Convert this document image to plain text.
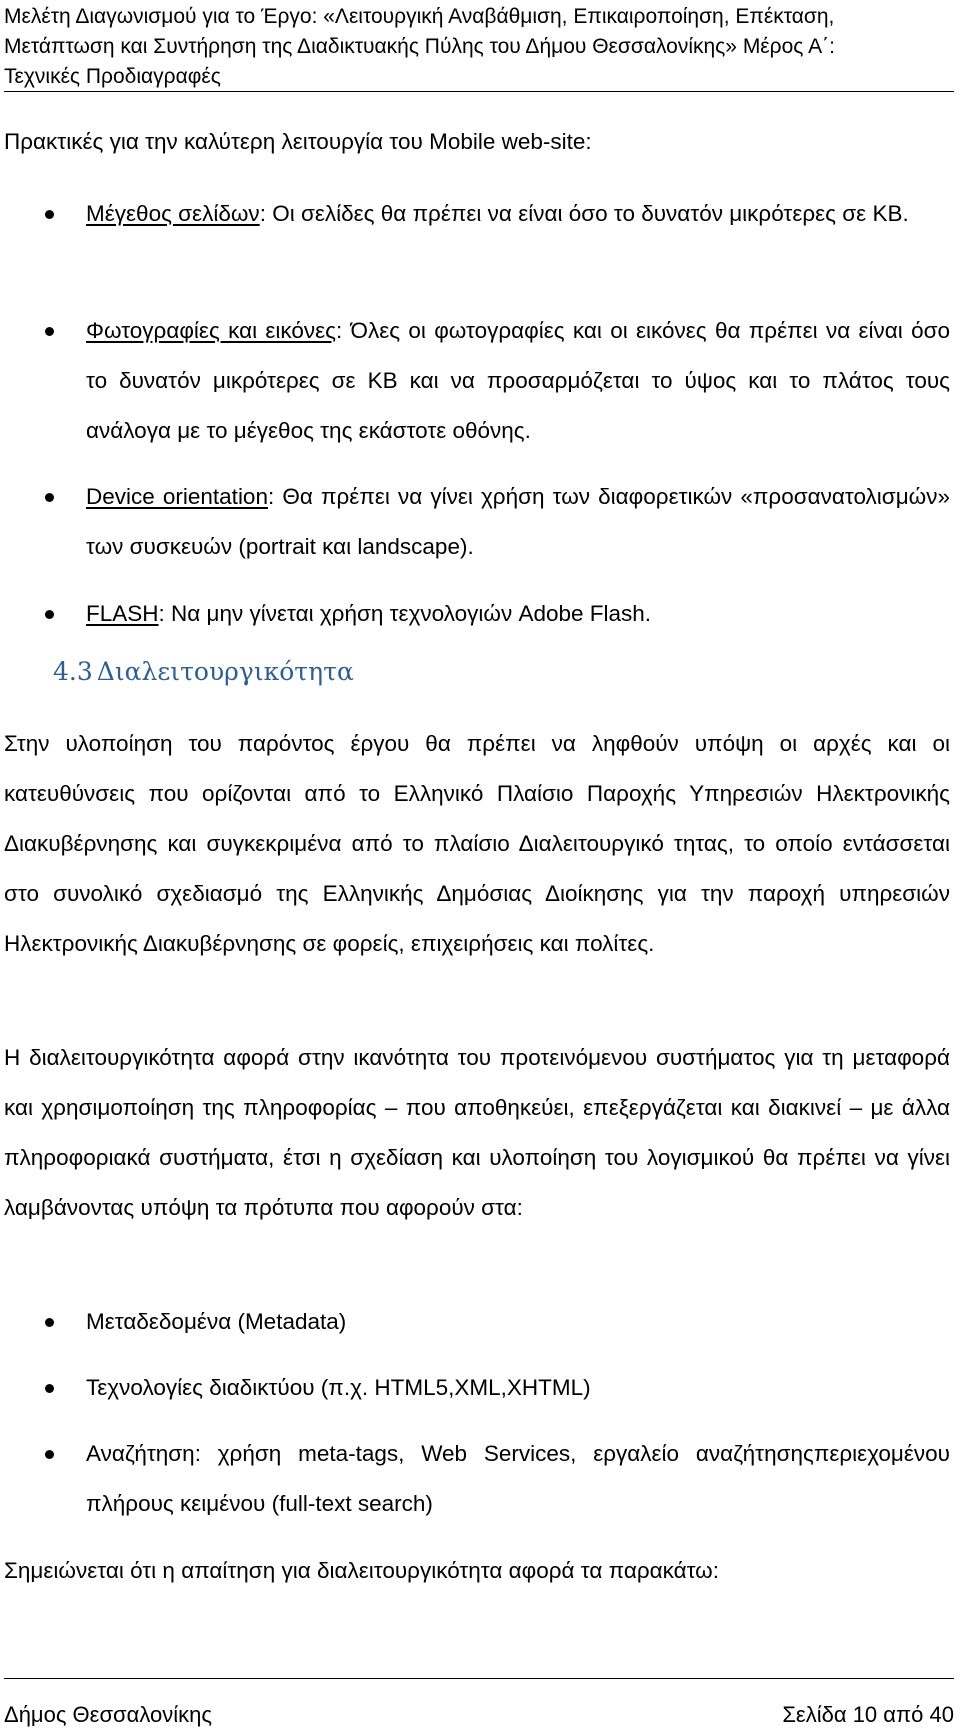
Μελέτη Διαγωνισμού για το Έργο: «Λειτουργική Αναβάθμιση, Επικαιροποίηση, Επέκταση,
Μετάπτωση και Συντήρηση της Διαδικτυακής Πύλης του Δήμου Θεσσαλονίκης» Μέρος Α΄:
Τεχνικές Προδιαγραφές
Πρακτικές για την καλύτερη λειτουργία του Mobile web-site:
Μέγεθος σελίδων: Οι σελίδες θα πρέπει να είναι όσο το δυνατόν μικρότερες σε KB.
Φωτογραφίες και εικόνες: Όλες οι φωτογραφίες και οι εικόνες θα πρέπει να είναι όσο το δυνατόν μικρότερες σε KB και να προσαρμόζεται το ύψος και το πλάτος τους ανάλογα με το μέγεθος της εκάστοτε οθόνης.
Device orientation: Θα πρέπει να γίνει χρήση των διαφορετικών «προσανατολισμών» των συσκευών (portrait και landscape).
FLASH: Να μην γίνεται χρήση τεχνολογιών Adobe Flash.
4.3 Διαλειτουργικότητα
Στην υλοποίηση του παρόντος έργου θα πρέπει να ληφθούν υπόψη οι αρχές και οι κατευθύνσεις που ορίζονται από το Ελληνικό Πλαίσιο Παροχής Υπηρεσιών Ηλεκτρονικής Διακυβέρνησης και συγκεκριμένα από το πλαίσιο Διαλειτουργικό τητας, το οποίο εντάσσεται στο συνολικό σχεδιασμό της Ελληνικής Δημόσιας Διοίκησης για την παροχή υπηρεσιών Ηλεκτρονικής Διακυβέρνησης σε φορείς, επιχειρήσεις και πολίτες.
Η διαλειτουργικότητα αφορά στην ικανότητα του προτεινόμενου συστήματος για τη μεταφορά και χρησιμοποίηση της πληροφορίας – που αποθηκεύει, επεξεργάζεται και διακινεί – με άλλα πληροφοριακά συστήματα, έτσι η σχεδίαση και υλοποίηση του λογισμικού θα πρέπει να γίνει λαμβάνοντας υπόψη τα πρότυπα που αφορούν στα:
Μεταδεδομένα (Metadata)
Τεχνολογίες διαδικτύου (π.χ. HTML5,XML,XHTML)
Αναζήτηση: χρήση meta-tags, Web Services, εργαλείο αναζήτησηςπεριεχομένου πλήρους κειμένου (full-text search)
Σημειώνεται ότι η απαίτηση για διαλειτουργικότητα αφορά τα παρακάτω:
Δήμος Θεσσαλονίκης	Σελίδα 10 από 40
